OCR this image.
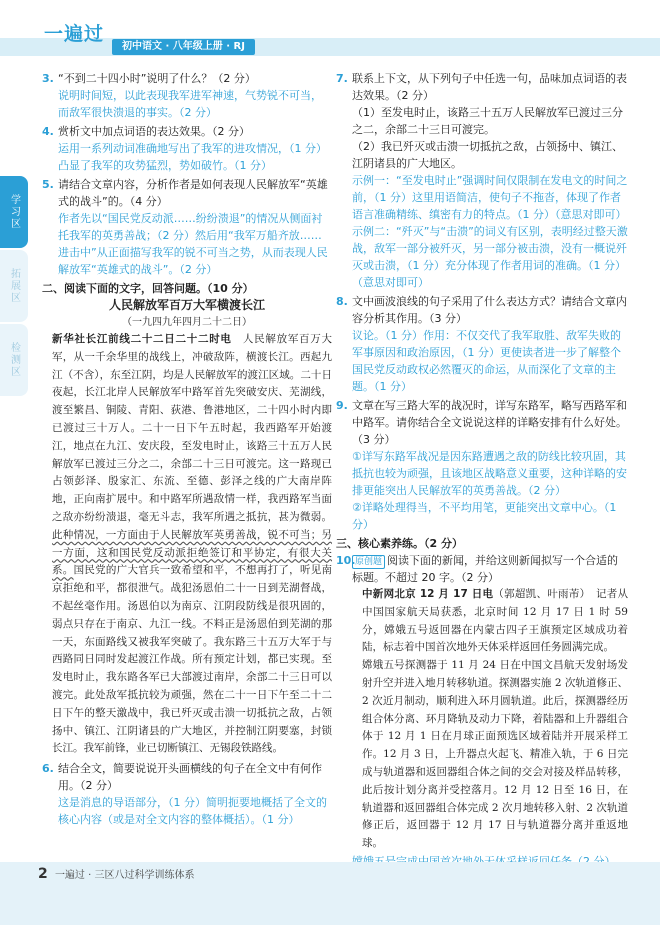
一遍过
初中语文 · 八年级上册 · RJ
学习区
拓展区
检测区
3. “不到二十四小时”说明了什么？（2 分）
说明时间短，以此表现我军进军神速，气势锐不可当，而敌军很快溃退的事实。（2 分）
4. 赏析文中加点词语的表达效果。（2 分）
运用一系列动词准确地写出了我军的进攻情况，（1 分）凸显了我军的攻势猛烈，势如破竹。（1 分）
5. 请结合文章内容，分析作者是如何表现人民解放军“英雄式的战斗”的。（4 分）
作者先以“国民党反动派……纷纷溃退”的情况从侧面衬托我军的英勇善战；（2 分）然后用“我军万船齐放……进击中”从正面描写我军的锐不可当之势，从而表现人民解放军“英雄式的战斗”。（2 分）
二、阅读下面的文字，回答问题。（10 分）
人民解放军百万大军横渡长江
（一九四九年四月二十二日）
新华社长江前线二十二日二十二时电　 人民解放军百万大军，从一千余华里的战线上，冲破敌阵，横渡长江。西起九江（不含），东至江阴，均是人民解放军的渡江区域。二十日夜起，长江北岸人民解放军中路军首先突破安庆、芜湖线，渡至繁昌、铜陵、青阳、荻港、鲁港地区，二十四小时内即已渡过三十万人。二十一日下午五时起，我西路军开始渡江，地点在九江、安庆段，至发电时止，该路三十五万人民解放军已渡过三分之二，余部二十三日可渡完。这一路现已占领彭泽、殷家汇、东流、至德、彭泽之线的广大南岸阵地，正向南扩展中。和中路军所遇敌情一样，我西路军当面之敌亦纷纷溃退，毫无斗志，我军所遇之抵抗，甚为微弱。此种情况，一方面由于人民解放军英勇善战，锐不可当；另一方面，这和国民党反动派拒绝签订和平协定，有很大关系。国民党的广大官兵一致希望和平，不想再打了，听见南京拒绝和平，都很泄气。战犯汤恩伯二十一日到芜湖督战，不起丝毫作用。汤恩伯以为南京、江阴段防线是很巩固的，弱点只存在于南京、九江一线。不料正是汤恩伯到芜湖的那一天，东面路线又被我军突破了。我东路三十五万大军于与西路同日同时发起渡江作战。所有预定计划，都已实现。至发电时止，我东路各军已大部渡过南岸，余部二十三日可以渡完。此处敌军抵抗较为顽强，然在二十一日下午至二十二日下午的整天激战中，我已歼灭或击溃一切抵抗之敌，占领扬中、镇江、江阴诸县的广大地区，并控制江阴要塞，封锁长江。我军前锋，业已切断镇江、无锡段铁路线。
6. 结合全文，简要说说开头画横线的句子在全文中有何作用。（2 分）
这是消息的导语部分，（1 分）简明扼要地概括了全文的核心内容（或是对全文内容的整体概括）。（1 分）
7. 联系上下文，从下列句子中任选一句，品味加点词语的表达效果。（2 分）
（1）至发电时止，该路三十五万人民解放军已渡过三分之二，余部二十三日可渡完。
（2）我已歼灭或击溃一切抵抗之敌，占领扬中、镇江、江阴诸县的广大地区。
示例一：“至发电时止”强调时间仅限制在发电文的时间之前，（1 分）这里用语简洁，使句子不拖沓，体现了作者语言准确精练、缜密有力的特点。（1 分）（意思对即可）
示例二：“歼灭”与“击溃”的词义有区别，表明经过整天激战，敌军一部分被歼灭，另一部分被击溃，没有一概说歼灭或击溃，（1 分）充分体现了作者用词的准确。（1 分）（意思对即可）
8. 文中画波浪线的句子采用了什么表达方式？请结合文章内容分析其作用。（3 分）
议论。（1 分）作用：不仅交代了我军取胜、敌军失败的军事原因和政治原因，（1 分）更使读者进一步了解整个国民党反动政权必然覆灭的命运，从而深化了文章的主题。（1 分）
9. 文章在写三路大军的战况时，详写东路军，略写西路军和中路军。请你结合全文说说这样的详略安排有什么好处。（3 分）
①详写东路军战况是因东路遭遇之敌的防线比较巩固，其抵抗也较为顽强，且该地区战略意义重要，这种详略的安排更能突出人民解放军的英勇善战。（2 分）
②详略处理得当，不平均用笔，更能突出文章中心。（1 分）
三、核心素养练。（2 分）
10. 原创题 阅读下面的新闻，并给这则新闻拟写一个合适的标题。不超过 20 字。（2 分）
中新网北京 12 月 17 日电（郭超凯、叶雨芾）　 记者从中国国家航天局获悉，北京时间 12 月 17 日 1 时 59 分，嫦娥五号返回器在内蒙古四子王旗预定区域成功着陆，标志着中国首次地外天体采样返回任务圆满完成。
嫦娥五号探测器于 11 月 24 日在中国文昌航天发射场发射升空并进入地月转移轨道。探测器实施 2 次轨道修正、2 次近月制动，顺利进入环月圆轨道。此后，探测器经历组合体分离、环月降轨及动力下降，着陆器和上升器组合体于 12 月 1 日在月球正面预选区域着陆并开展采样工作。12 月 3 日，上升器点火起飞、精准入轨，于 6 日完成与轨道器和返回器组合体之间的交会对接及样品转移，此后按计划分离并受控落月。12 月 12 日至 16 日，在轨道器和返回器组合体完成 2 次月地转移入射、2 次轨道修正后，返回器于 12 月 17 日与轨道器分离并重返地球。
2 一遍过 · 三区八过科学训练体系
